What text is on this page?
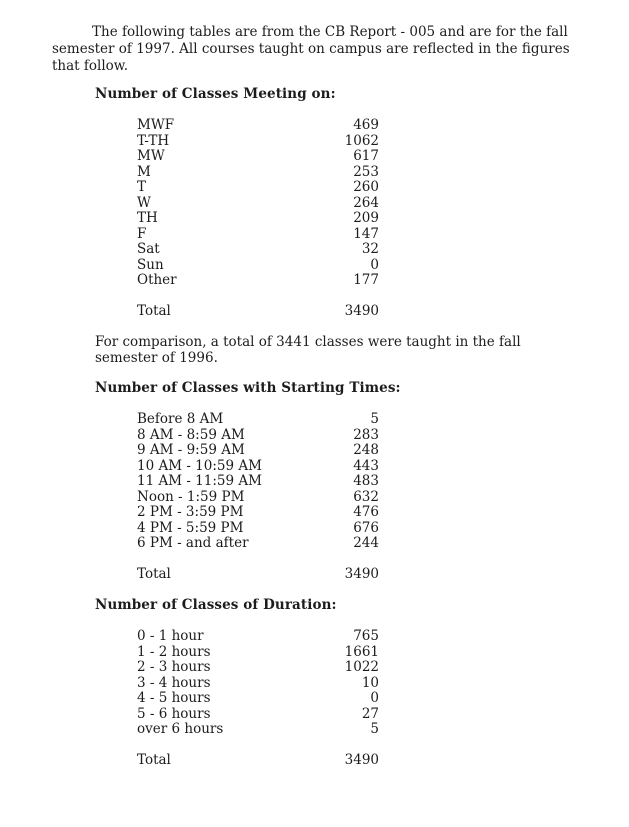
The following tables are from the CB Report - 005 and are for the fall semester of 1997. All courses taught on campus are reflected in the figures that follow.
Number of Classes Meeting on:
MWF	469
T-TH	1062
MW	617
M	253
T	260
W	264
TH	209
F	147
Sat	32
Sun	0
Other	177
Total	3490
For comparison, a total of 3441 classes were taught in the fall semester of 1996.
Number of Classes with Starting Times:
Before 8 AM	5
8 AM - 8:59 AM	283
9 AM - 9:59 AM	248
10 AM - 10:59 AM	443
11 AM - 11:59 AM	483
Noon - 1:59 PM	632
2 PM - 3:59 PM	476
4 PM - 5:59 PM	676
6 PM - and after	244
Total	3490
Number of Classes of Duration:
0 - 1 hour	765
1 - 2 hours	1661
2 - 3 hours	1022
3 - 4 hours	10
4 - 5 hours	0
5 - 6 hours	27
over 6 hours	5
Total	3490
